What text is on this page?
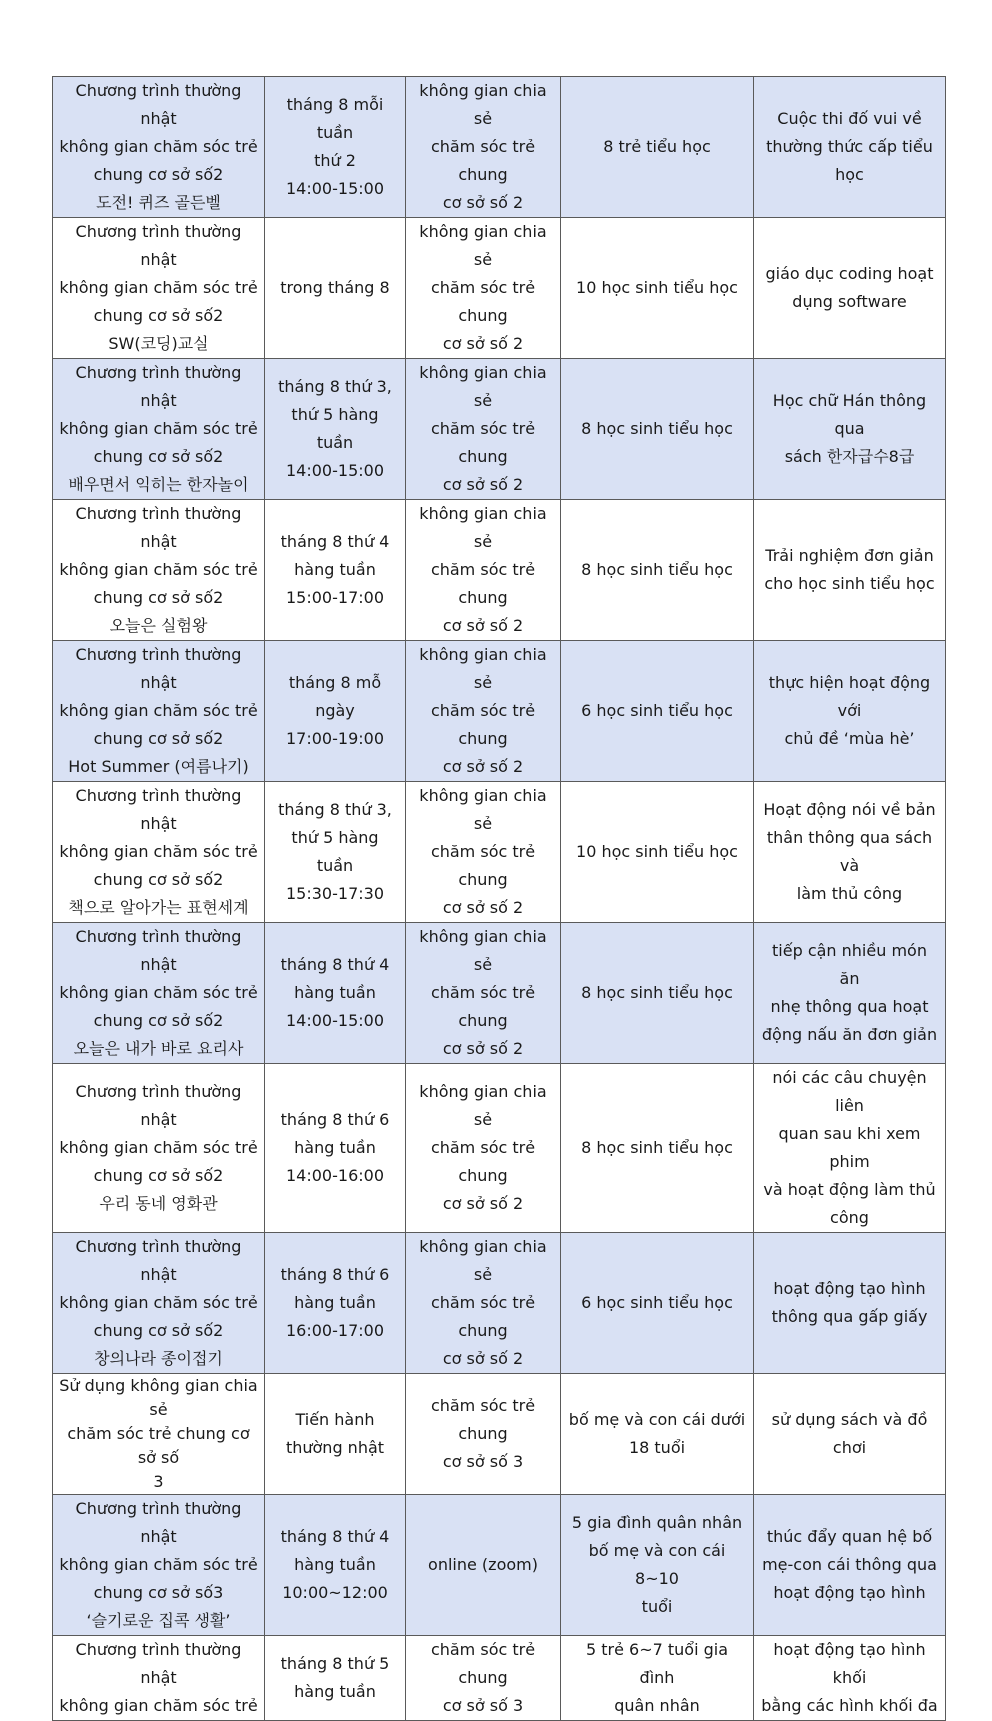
Chương trình thường nhật
không gian chăm sóc trẻ
chung cơ sở số2
도전! 퀴즈 골든벨	tháng 8 mỗi tuần
thứ 2
14:00-15:00	không gian chia sẻ
chăm sóc trẻ chung
cơ sở số 2	8 trẻ tiểu học	Cuộc thi đố vui về
thường thức cấp tiểu học
Chương trình thường nhật
không gian chăm sóc trẻ
chung cơ sở số2
SW(코딩)교실	trong tháng 8	không gian chia sẻ
chăm sóc trẻ chung
cơ sở số 2	10 học sinh tiểu học	giáo dục coding hoạt
dụng software
Chương trình thường nhật
không gian chăm sóc trẻ
chung cơ sở số2
배우면서 익히는 한자놀이	tháng 8 thứ 3,
thứ 5 hàng tuần
14:00-15:00	không gian chia sẻ
chăm sóc trẻ chung
cơ sở số 2	8 học sinh tiểu học	Học chữ Hán thông qua
sách 한자급수8급
Chương trình thường nhật
không gian chăm sóc trẻ
chung cơ sở số2
오늘은 실험왕	tháng 8 thứ 4
hàng tuần
15:00-17:00	không gian chia sẻ
chăm sóc trẻ chung
cơ sở số 2	8 học sinh tiểu học	Trải nghiệm đơn giản
cho học sinh tiểu học
Chương trình thường nhật
không gian chăm sóc trẻ
chung cơ sở số2
Hot Summer (여름나기)	tháng 8 mỗ ngày
17:00-19:00	không gian chia sẻ
chăm sóc trẻ chung
cơ sở số 2	6 học sinh tiểu học	thực hiện hoạt động với
chủ đề ‘mùa hè’
Chương trình thường nhật
không gian chăm sóc trẻ
chung cơ sở số2
책으로 알아가는 표현세계	tháng 8 thứ 3,
thứ 5 hàng tuần
15:30-17:30	không gian chia sẻ
chăm sóc trẻ chung
cơ sở số 2	10 học sinh tiểu học	Hoạt động nói về bản
thân thông qua sách và
làm thủ công
Chương trình thường nhật
không gian chăm sóc trẻ
chung cơ sở số2
오늘은 내가 바로 요리사	tháng 8 thứ 4
hàng tuần
14:00-15:00	không gian chia sẻ
chăm sóc trẻ chung
cơ sở số 2	8 học sinh tiểu học	tiếp cận nhiều món ăn
nhẹ thông qua hoạt
động nấu ăn đơn giản
Chương trình thường nhật
không gian chăm sóc trẻ
chung cơ sở số2
우리 동네 영화관	tháng 8 thứ 6
hàng tuần
14:00-16:00	không gian chia sẻ
chăm sóc trẻ chung
cơ sở số 2	8 học sinh tiểu học	nói các câu chuyện liên
quan sau khi xem phim
và hoạt động làm thủ
công
Chương trình thường nhật
không gian chăm sóc trẻ
chung cơ sở số2
창의나라 종이접기	tháng 8 thứ 6
hàng tuần
16:00-17:00	không gian chia sẻ
chăm sóc trẻ chung
cơ sở số 2	6 học sinh tiểu học	hoạt động tạo hình
thông qua gấp giấy
Sử dụng không gian chia sẻ
chăm sóc trẻ chung cơ sở số
3	Tiến hành
thường nhật	chăm sóc trẻ chung
cơ sở số 3	bố mẹ và con cái dưới
18 tuổi	sử dụng sách và đồ chơi
Chương trình thường nhật
không gian chăm sóc trẻ
chung cơ sở số3
‘슬기로운 집콕 생활’	tháng 8 thứ 4
hàng tuần
10:00~12:00	online (zoom)	5 gia đình quân nhân
bố mẹ và con cái 8~10
tuổi	thúc đẩy quan hệ bố
mẹ-con cái thông qua
hoạt động tạo hình
Chương trình thường nhật
không gian chăm sóc trẻ	tháng 8 thứ 5
hàng tuần	chăm sóc trẻ chung
cơ sở số 3	5 trẻ 6~7 tuổi gia đình
quân nhân	hoạt động tạo hình khối
bằng các hình khối đa
